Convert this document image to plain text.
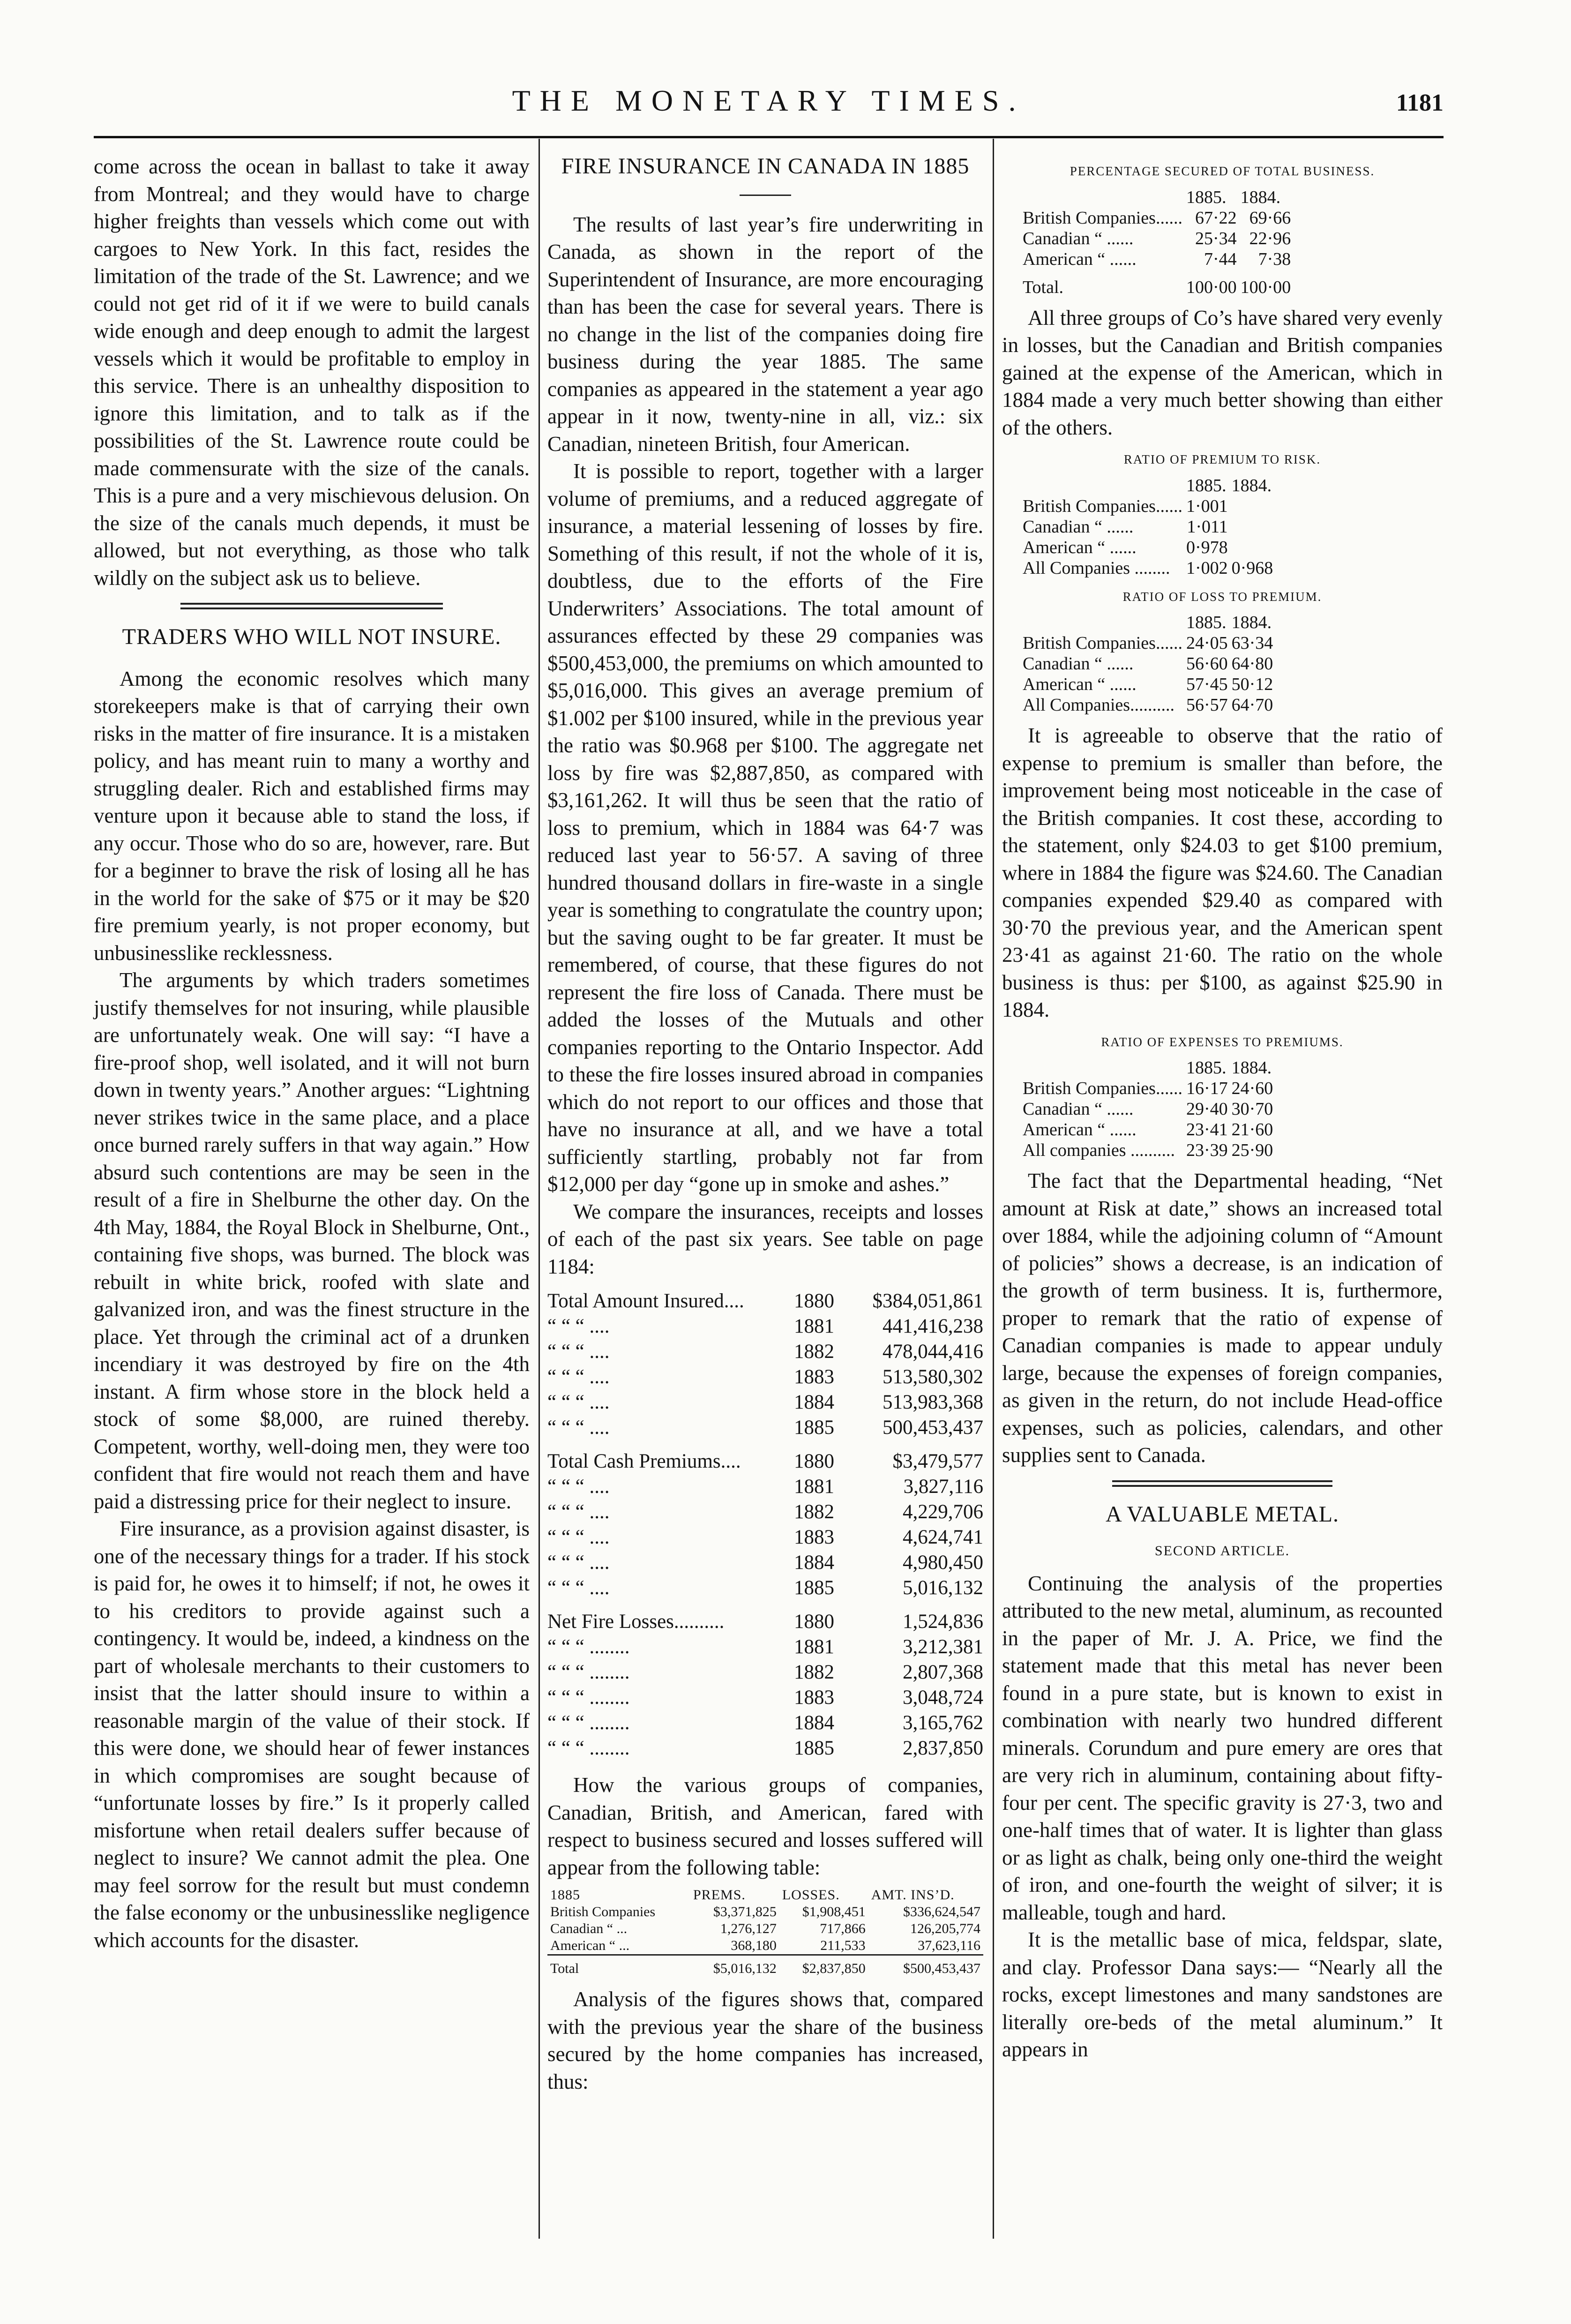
THE MONETARY TIMES.	1181

come across the ocean in ballast to take it away from Montreal; and they would have to charge higher freights than vessels which come out with cargoes to New York. In this fact, resides the limitation of the trade of the St. Lawrence; and we could not get rid of it if we were to build canals wide enough and deep enough to admit the largest vessels which it would be profitable to employ in this service. There is an unhealthy disposition to ignore this limitation, and to talk as if the possibilities of the St. Lawrence route could be made commensurate with the size of the canals. This is a pure and a very mischievous delusion. On the size of the canals much depends, it must be allowed, but not everything, as those who talk wildly on the subject ask us to believe.

TRADERS WHO WILL NOT INSURE.

Among the economic resolves which many storekeepers make is that of carrying their own risks in the matter of fire insurance. It is a mistaken policy, and has meant ruin to many a worthy and struggling dealer. Rich and established firms may venture upon it because able to stand the loss, if any occur. Those who do so are, however, rare. But for a beginner to brave the risk of losing all he has in the world for the sake of $75 or it may be $20 fire premium yearly, is not proper economy, but unbusinesslike recklessness.

The arguments by which traders sometimes justify themselves for not insuring, while plausible are unfortunately weak. One will say: “I have a fire-proof shop, well isolated, and it will not burn down in twenty years.” Another argues: “Lightning never strikes twice in the same place, and a place once burned rarely suffers in that way again.” How absurd such contentions are may be seen in the result of a fire in Shelburne the other day. On the 4th May, 1884, the Royal Block in Shelburne, Ont., containing five shops, was burned. The block was rebuilt in white brick, roofed with slate and galvanized iron, and was the finest structure in the place. Yet through the criminal act of a drunken incendiary it was destroyed by fire on the 4th instant. A firm whose store in the block held a stock of some $8,000, are ruined thereby. Competent, worthy, well-doing men, they were too confident that fire would not reach them and have paid a distressing price for their neglect to insure.

Fire insurance, as a provision against disaster, is one of the necessary things for a trader. If his stock is paid for, he owes it to himself; if not, he owes it to his creditors to provide against such a contingency. It would be, indeed, a kindness on the part of wholesale merchants to their customers to insist that the latter should insure to within a reasonable margin of the value of their stock. If this were done, we should hear of fewer instances in which compromises are sought because of “unfortunate losses by fire.” Is it properly called misfortune when retail dealers suffer because of neglect to insure? We cannot admit the plea. One may feel sorrow for the result but must condemn the false economy or the unbusinesslike negligence which accounts for the disaster.

FIRE INSURANCE IN CANADA IN 1885

The results of last year’s fire underwriting in Canada, as shown in the report of the Superintendent of Insurance, are more encouraging than has been the case for several years. There is no change in the list of the companies doing fire business during the year 1885. The same companies as appeared in the statement a year ago appear in it now, twenty-nine in all, viz.: six Canadian, nineteen British, four American.

It is possible to report, together with a larger volume of premiums, and a reduced aggregate of insurance, a material lessening of losses by fire. Something of this result, if not the whole of it is, doubtless, due to the efforts of the Fire Underwriters’ Associations. The total amount of assurances effected by these 29 companies was $500,453,000, the premiums on which amounted to $5,016,000. This gives an average premium of $1.002 per $100 insured, while in the previous year the ratio was $0.968 per $100. The aggregate net loss by fire was $2,887,850, as compared with $3,161,262. It will thus be seen that the ratio of loss to premium, which in 1884 was 64·7 was reduced last year to 56·57. A saving of three hundred thousand dollars in fire-waste in a single year is something to congratulate the country upon; but the saving ought to be far greater. It must be remembered, of course, that these figures do not represent the fire loss of Canada. There must be added the losses of the Mutuals and other companies reporting to the Ontario Inspector. Add to these the fire losses insured abroad in companies which do not report to our offices and those that have no insurance at all, and we have a total sufficiently startling, probably not far from $12,000 per day “gone up in smoke and ashes.”

We compare the insurances, receipts and losses of each of the past six years. See table on page 1184:

Total Amount Insured....	1880	$384,051,861
“ “ “ ....	1881	441,416,238
“ “ “ ....	1882	478,044,416
“ “ “ ....	1883	513,580,302
“ “ “ ....	1884	513,983,368
“ “ “ ....	1885	500,453,437
Total Cash Premiums....	1880	$3,479,577
“ “ “ ....	1881	3,827,116
“ “ “ ....	1882	4,229,706
“ “ “ ....	1883	4,624,741
“ “ “ ....	1884	4,980,450
“ “ “ ....	1885	5,016,132
Net Fire Losses..........	1880	1,524,836
“ “ “ ........	1881	3,212,381
“ “ “ ........	1882	2,807,368
“ “ “ ........	1883	3,048,724
“ “ “ ........	1884	3,165,762
“ “ “ ........	1885	2,837,850

How the various groups of companies, Canadian, British, and American, fared with respect to business secured and losses suffered will appear from the following table:

1885	PREMS.	LOSSES.	AMT. INS’D.
British Companies	$3,371,825	$1,908,451	$336,624,547
Canadian “ ...	1,276,127	717,866	126,205,774
American “ ...	368,180	211,533	37,623,116
Total	$5,016,132	$2,837,850	$500,453,437

Analysis of the figures shows that, compared with the previous year the share of the business secured by the home companies has increased, thus:

PERCENTAGE SECURED OF TOTAL BUSINESS.
	1885.	1884.
British Companies......	67·22	69·66
Canadian “ ......	25·34	22·96
American “ ......	7·44	7·38
Total.	100·00	100·00

All three groups of Co’s have shared very evenly in losses, but the Canadian and British companies gained at the expense of the American, which in 1884 made a very much better showing than either of the others.

RATIO OF PREMIUM TO RISK.
	1885.	1884.
British Companies......	1·001	
Canadian “ ......	1·011	
American “ ......	0·978	
All Companies ........	1·002	0·968
RATIO OF LOSS TO PREMIUM.
	1885.	1884.
British Companies......	24·05	63·34
Canadian “ ......	56·60	64·80
American “ ......	57·45	50·12
All Companies..........	56·57	64·70

It is agreeable to observe that the ratio of expense to premium is smaller than before, the improvement being most noticeable in the case of the British companies. It cost these, according to the statement, only $24.03 to get $100 premium, where in 1884 the figure was $24.60. The Canadian companies expended $29.40 as compared with 30·70 the previous year, and the American spent 23·41 as against 21·60. The ratio on the whole business is thus: per $100, as against $25.90 in 1884.

RATIO OF EXPENSES TO PREMIUMS.
	1885.	1884.
British Companies......	16·17	24·60
Canadian “ ......	29·40	30·70
American “ ......	23·41	21·60
All companies ..........	23·39	25·90

The fact that the Departmental heading, “Net amount at Risk at date,” shows an increased total over 1884, while the adjoining column of “Amount of policies” shows a decrease, is an indication of the growth of term business. It is, furthermore, proper to remark that the ratio of expense of Canadian companies is made to appear unduly large, because the expenses of foreign companies, as given in the return, do not include Head-office expenses, such as policies, calendars, and other supplies sent to Canada.

A VALUABLE METAL.
SECOND ARTICLE.

Continuing the analysis of the properties attributed to the new metal, aluminum, as recounted in the paper of Mr. J. A. Price, we find the statement made that this metal has never been found in a pure state, but is known to exist in combination with nearly two hundred different minerals. Corundum and pure emery are ores that are very rich in aluminum, containing about fifty-four per cent. The specific gravity is 27·3, two and one-half times that of water. It is lighter than glass or as light as chalk, being only one-third the weight of iron, and one-fourth the weight of silver; it is malleable, tough and hard.

It is the metallic base of mica, feldspar, slate, and clay. Professor Dana says:— “Nearly all the rocks, except limestones and many sandstones are literally ore-beds of the metal aluminum.” It appears in
